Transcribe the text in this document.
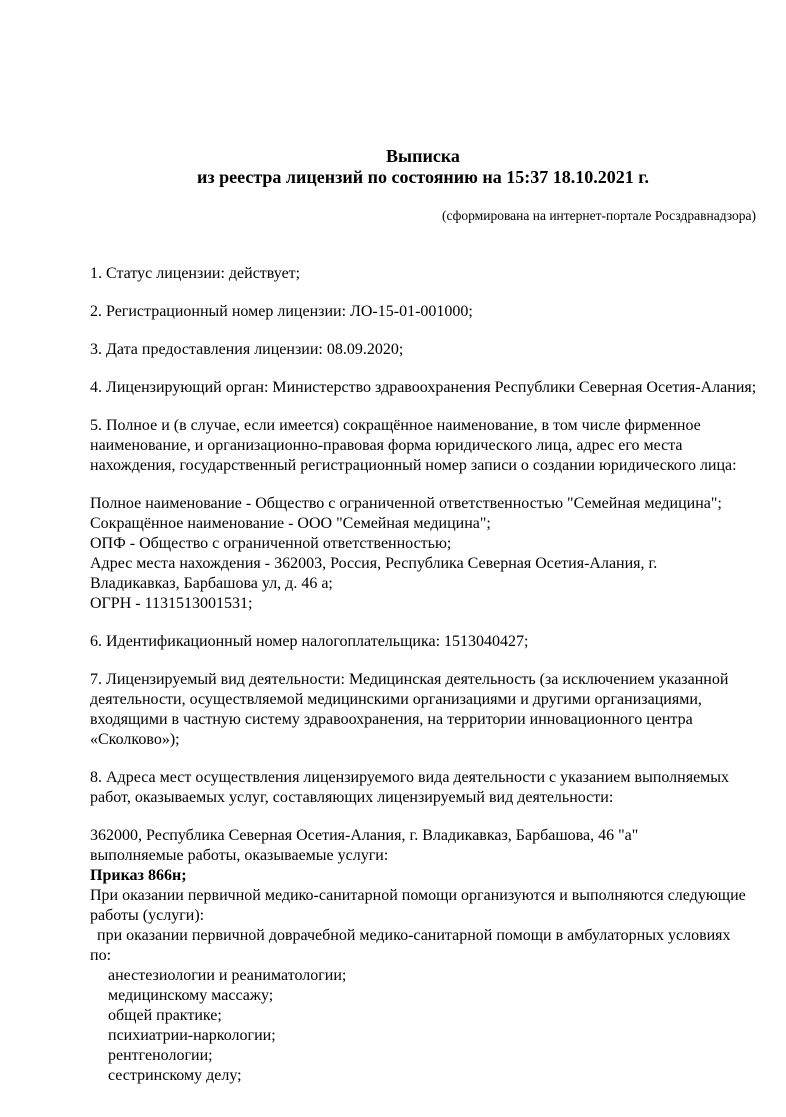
Выписка
из реестра лицензий по состоянию на 15:37 18.10.2021 г.
(сформирована на интернет-портале Росздравнадзора)
1. Статус лицензии: действует;
2. Регистрационный номер лицензии: ЛО-15-01-001000;
3. Дата предоставления лицензии: 08.09.2020;
4. Лицензирующий орган: Министерство здравоохранения Республики Северная Осетия-Алания;
5. Полное и (в случае, если имеется) сокращённое наименование, в том числе фирменное
наименование, и организационно-правовая форма юридического лица, адрес его места
нахождения, государственный регистрационный номер записи о создании юридического лица:
Полное наименование - Общество с ограниченной ответственностью "Семейная медицина";
Сокращённое наименование - ООО "Семейная медицина";
ОПФ - Общество с ограниченной ответственностью;
Адрес места нахождения - 362003, Россия, Республика Северная Осетия-Алания, г.
Владикавказ, Барбашова ул, д. 46 а;
ОГРН - 1131513001531;
6. Идентификационный номер налогоплательщика: 1513040427;
7. Лицензируемый вид деятельности: Медицинская деятельность (за исключением указанной
деятельности, осуществляемой медицинскими организациями и другими организациями,
входящими в частную систему здравоохранения, на территории инновационного центра
«Сколково»);
8. Адреса мест осуществления лицензируемого вида деятельности с указанием выполняемых
работ, оказываемых услуг, составляющих лицензируемый вид деятельности:
362000, Республика Северная Осетия-Алания, г. Владикавказ, Барбашова, 46 "а"
выполняемые работы, оказываемые услуги:
Приказ 866н;
При оказании первичной медико-санитарной помощи организуются и выполняются следующие
работы (услуги):
при оказании первичной доврачебной медико-санитарной помощи в амбулаторных условиях
по:
анестезиологии и реаниматологии;
медицинскому массажу;
общей практике;
психиатрии-наркологии;
рентгенологии;
сестринскому делу;
